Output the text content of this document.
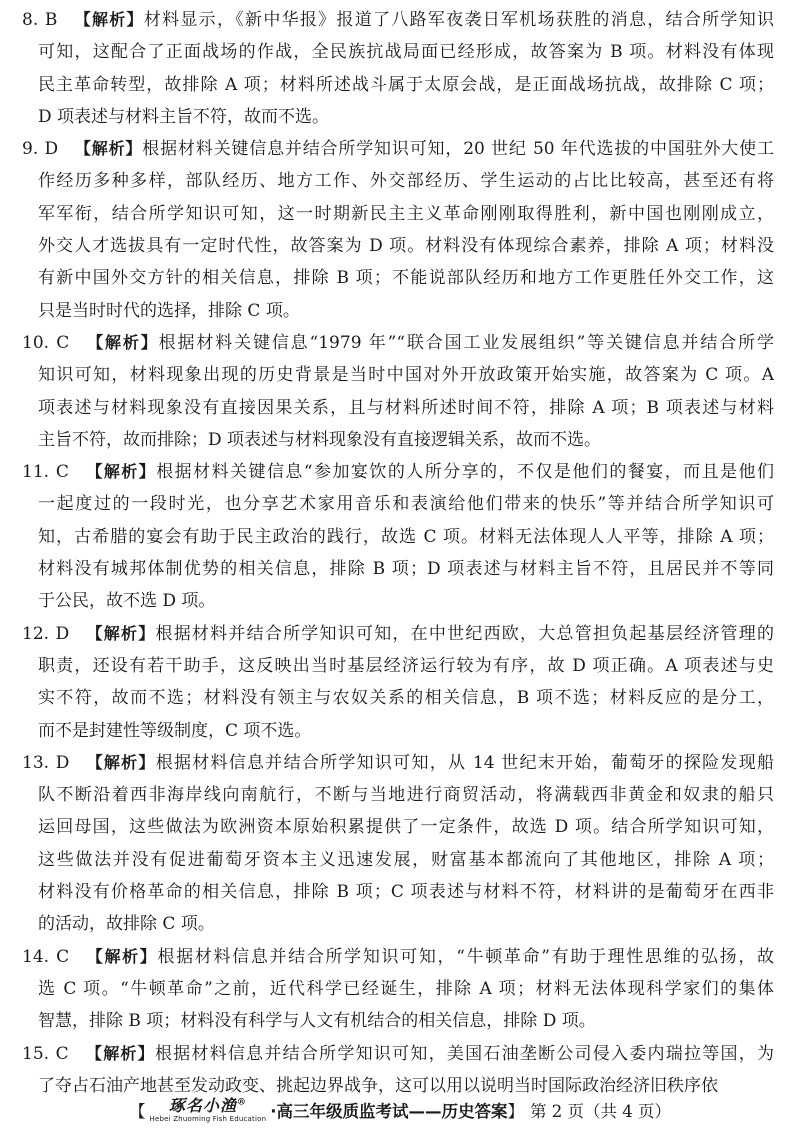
8. B 【解析】材料显示，《新中华报》报道了八路军夜袭日军机场获胜的消息，结合所学知识
可知，这配合了正面战场的作战，全民族抗战局面已经形成，故答案为 B 项。材料没有体现
民主革命转型，故排除 A 项；材料所述战斗属于太原会战，是正面战场抗战，故排除 C 项；
D 项表述与材料主旨不符，故而不选。
9. D 【解析】根据材料关键信息并结合所学知识可知，20 世纪 50 年代选拔的中国驻外大使工
作经历多种多样，部队经历、地方工作、外交部经历、学生运动的占比比较高，甚至还有将
军军衔，结合所学知识可知，这一时期新民主主义革命刚刚取得胜利，新中国也刚刚成立，
外交人才选拔具有一定时代性，故答案为 D 项。材料没有体现综合素养，排除 A 项；材料没
有新中国外交方针的相关信息，排除 B 项；不能说部队经历和地方工作更胜任外交工作，这
只是当时时代的选择，排除 C 项。
10. C 【解析】根据材料关键信息“1979 年”“联合国工业发展组织”等关键信息并结合所学
知识可知，材料现象出现的历史背景是当时中国对外开放政策开始实施，故答案为 C 项。A
项表述与材料现象没有直接因果关系，且与材料所述时间不符，排除 A 项；B 项表述与材料
主旨不符，故而排除；D 项表述与材料现象没有直接逻辑关系，故而不选。
11. C 【解析】根据材料关键信息“参加宴饮的人所分享的，不仅是他们的餐宴，而且是他们
一起度过的一段时光，也分享艺术家用音乐和表演给他们带来的快乐”等并结合所学知识可
知，古希腊的宴会有助于民主政治的践行，故选 C 项。材料无法体现人人平等，排除 A 项；
材料没有城邦体制优势的相关信息，排除 B 项；D 项表述与材料主旨不符，且居民并不等同
于公民，故不选 D 项。
12. D 【解析】根据材料并结合所学知识可知，在中世纪西欧，大总管担负起基层经济管理的
职责，还设有若干助手，这反映出当时基层经济运行较为有序，故 D 项正确。A 项表述与史
实不符，故而不选；材料没有领主与农奴关系的相关信息，B 项不选；材料反应的是分工，
而不是封建性等级制度，C 项不选。
13. D 【解析】根据材料信息并结合所学知识可知，从 14 世纪末开始，葡萄牙的探险发现船
队不断沿着西非海岸线向南航行，不断与当地进行商贸活动，将满载西非黄金和奴隶的船只
运回母国，这些做法为欧洲资本原始积累提供了一定条件，故选 D 项。结合所学知识可知，
这些做法并没有促进葡萄牙资本主义迅速发展，财富基本都流向了其他地区，排除 A 项；
材料没有价格革命的相关信息，排除 B 项；C 项表述与材料不符，材料讲的是葡萄牙在西非
的活动，故排除 C 项。
14. C 【解析】根据材料信息并结合所学知识可知，“牛顿革命”有助于理性思维的弘扬，故
选 C 项。“牛顿革命”之前，近代科学已经诞生，排除 A 项；材料无法体现科学家们的集体
智慧，排除 B 项；材料没有科学与人文有机结合的相关信息，排除 D 项。
15. C 【解析】根据材料信息并结合所学知识可知，美国石油垄断公司侵入委内瑞拉等国，为
了夺占石油产地甚至发动政变、挑起边界战争，这可以用以说明当时国际政治经济旧秩序依
【 琢名小渔®
Hebei Zhuoming Fish Education ·高三年级质监考试——历史答案 】 第 2 页（共 4 页）
